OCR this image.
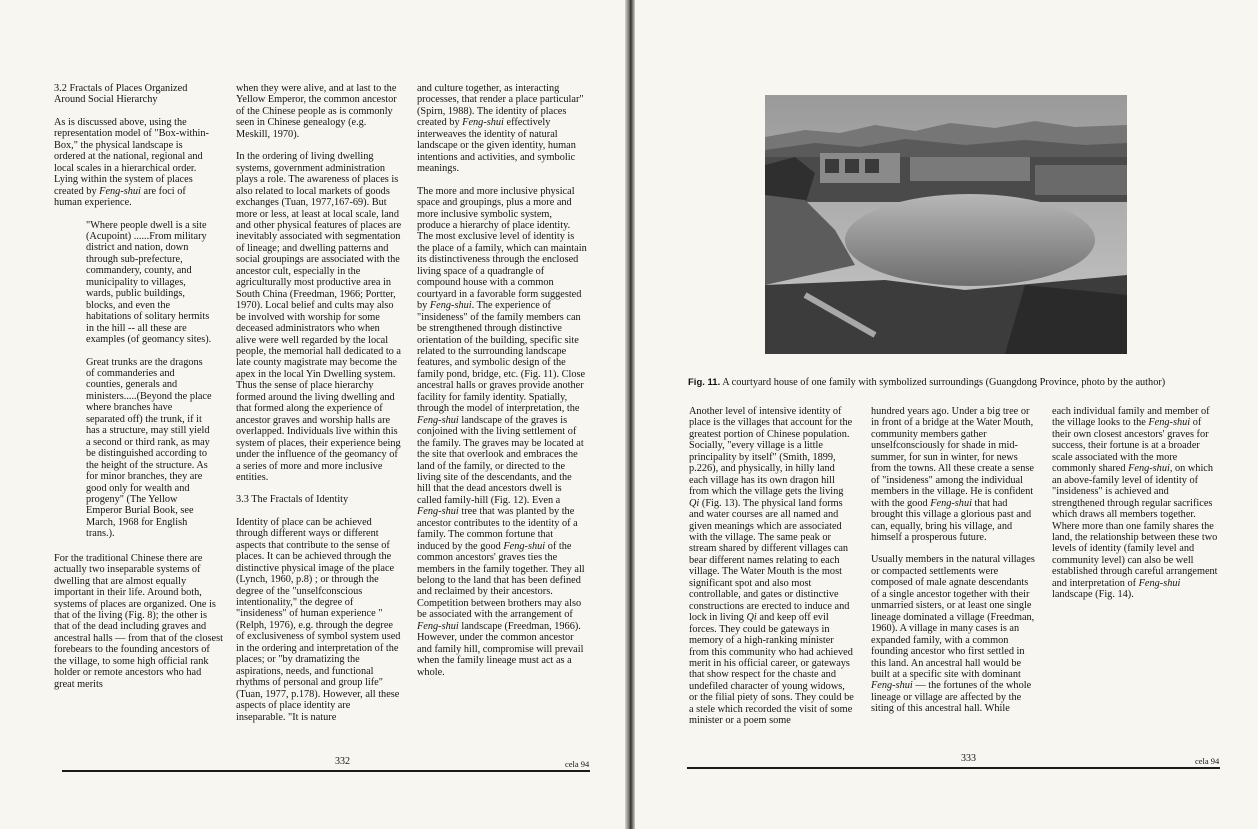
3.2 Fractals of Places Organized Around Social Hierarchy

As is discussed above, using the representation model of "Box-within-Box," the physical landscape is ordered at the national, regional and local scales in a hierarchical order. Lying within the system of places created by Feng-shui are foci of human experience.

"Where people dwell is a site (Acupoint) ......From military district and nation, down through sub-prefecture, commandery, county, and municipality to villages, wards, public buildings, blocks, and even the habitations of solitary hermits in the hill -- all these are examples (of geomancy sites).
Great trunks are the dragons of commanderies and counties, generals and ministers.....(Beyond the place where branches have separated off) the trunk, if it has a structure, may still yield a second or third rank, as may be distinguished according to the height of the structure. As for minor branches, they are good only for wealth and progeny" (The Yellow Emperor Burial Book, see March, 1968 for English trans.).

For the traditional Chinese there are actually two inseparable systems of dwelling that are almost equally important in their life. Around both, systems of places are organized. One is that of the living (Fig. 8); the other is that of the dead including graves and ancestral halls — from that of the closest forebears to the founding ancestors of the village, to some high official rank holder or remote ancestors who had great merits

when they were alive, and at last to the Yellow Emperor, the common ancestor of the Chinese people as is commonly seen in Chinese genealogy (e.g. Meskill, 1970).

In the ordering of living dwelling systems, government administration plays a role. The awareness of places is also related to local markets of goods exchanges (Tuan, 1977,167-69). But more or less, at least at local scale, land and other physical features of places are inevitably associated with segmentation of lineage; and dwelling patterns and social groupings are associated with the ancestor cult, especially in the agriculturally most productive area in South China (Freedman, 1966; Portter, 1970). Local belief and cults may also be involved with worship for some deceased administrators who when alive were well regarded by the local people, the memorial hall dedicated to a late county magistrate may become the apex in the local Yin Dwelling system. Thus the sense of place hierarchy formed around the living dwelling and that formed along the experience of ancestor graves and worship halls are overlapped. Individuals live within this system of places, their experience being under the influence of the geomancy of a series of more and more inclusive entities.

3.3 The Fractals of Identity

Identity of place can be achieved through different ways or different aspects that contribute to the sense of places. It can be achieved through the distinctive physical image of the place (Lynch, 1960, p.8) ; or through the degree of the "unselfconscious intentionality," the degree of "insideness" of human experience "(Relph, 1976), e.g. through the degree of exclusiveness of symbol system used in the ordering and interpretation of the places; or "by dramatizing the aspirations, needs, and functional rhythms of personal and group life" (Tuan, 1977, p.178). However, all these aspects of place identity are inseparable. "It is nature

and culture together, as interacting processes, that render a place particular" (Spirn, 1988). The identity of places created by Feng-shui effectively interweaves the identity of natural landscape or the given identity, human intentions and activities, and symbolic meanings.

The more and more inclusive physical space and groupings, plus a more and more inclusive symbolic system, produce a hierarchy of place identity. The most exclusive level of identity is the place of a family, which can maintain its distinctiveness through the enclosed living space of a quadrangle of compound house with a common courtyard in a favorable form suggested by Feng-shui. The experience of "insideness" of the family members can be strengthened through distinctive orientation of the building, specific site related to the surrounding landscape features, and symbolic design of the family pond, bridge, etc. (Fig. 11). Close ancestral halls or graves provide another facility for family identity. Spatially, through the model of interpretation, the Feng-shui landscape of the graves is conjoined with the living settlement of the family. The graves may be located at the site that overlook and embraces the land of the family, or directed to the living site of the descendants, and the hill that the dead ancestors dwell is called family-hill (Fig. 12). Even a Feng-shui tree that was planted by the ancestor contributes to the identity of a family. The common fortune that induced by the good Feng-shui of the common ancestors' graves ties the members in the family together. They all belong to the land that has been defined and reclaimed by their ancestors. Competition between brothers may also be associated with the arrangement of Feng-shui landscape (Freedman, 1966). However, under the common ancestor and family hill, compromise will prevail when the family lineage must act as a whole.

332	cela 94
Fig. 11. A courtyard house of one family with symbolized surroundings (Guangdong Province, photo by the author)

Another level of intensive identity of place is the villages that account for the greatest portion of Chinese population. Socially, "every village is a little principality by itself" (Smith, 1899, p.226), and physically, in hilly land each village has its own dragon hill from which the village gets the living Qi (Fig. 13). The physical land forms and water courses are all named and given meanings which are associated with the village. The same peak or stream shared by different villages can bear different names relating to each village. The Water Mouth is the most significant spot and also most controllable, and gates or distinctive constructions are erected to induce and lock in living Qi and keep off evil forces. They could be gateways in memory of a high-ranking minister from this community who had achieved merit in his official career, or gateways that show respect for the chaste and undefiled character of young widows, or the filial piety of sons. They could be a stele which recorded the visit of some minister or a poem some

hundred years ago. Under a big tree or in front of a bridge at the Water Mouth, community members gather unselfconsciously for shade in mid-summer, for sun in winter, for news from the towns. All these create a sense of "insideness" among the individual members in the village. He is confident with the good Feng-shui that had brought this village a glorious past and can, equally, bring his village, and himself a prosperous future.

Usually members in the natural villages or compacted settlements were composed of male agnate descendants of a single ancestor together with their unmarried sisters, or at least one single lineage dominated a village (Freedman, 1960). A village in many cases is an expanded family, with a common founding ancestor who first settled in this land. An ancestral hall would be built at a specific site with dominant Feng-shui — the fortunes of the whole lineage or village are affected by the siting of this ancestral hall. While

each individual family and member of the village looks to the Feng-shui of their own closest ancestors' graves for success, their fortune is at a broader scale associated with the more commonly shared Feng-shui, on which an above-family level of identity of "insideness" is achieved and strengthened through regular sacrifices which draws all members together. Where more than one family shares the land, the relationship between these two levels of identity (family level and community level) can also be well established through careful arrangement and interpretation of Feng-shui landscape (Fig. 14).

333	cela 94
